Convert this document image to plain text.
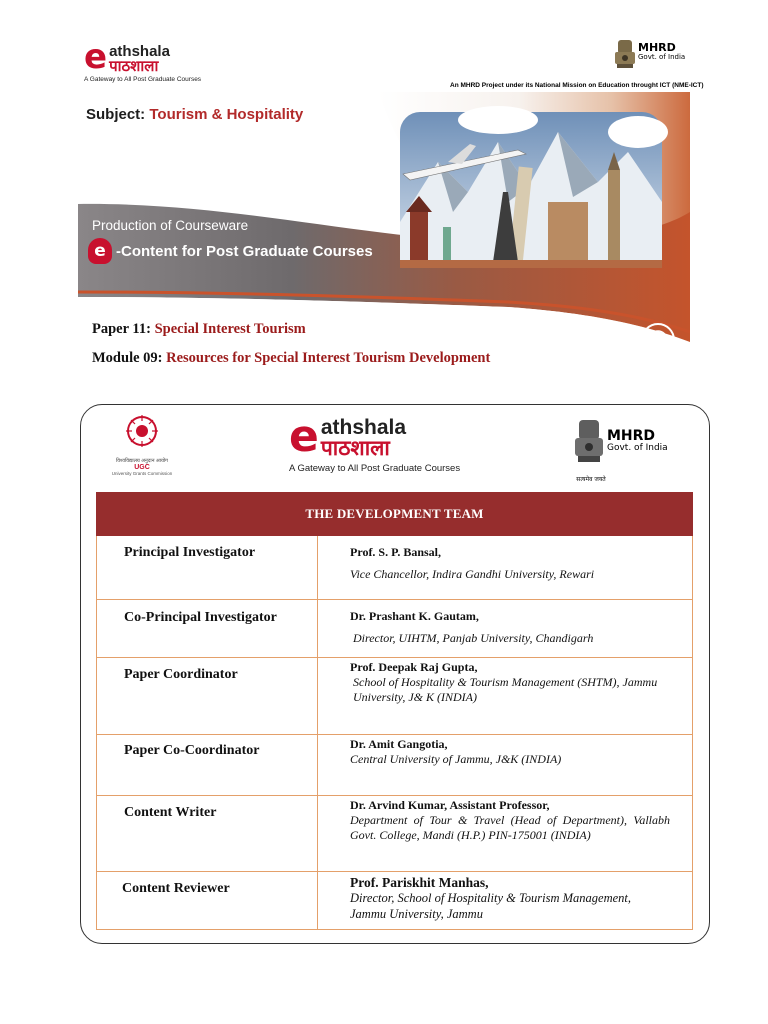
e athshala
पाठशाला
A Gateway to All Post Graduate Courses
MHRD
Govt. of India
An MHRD Project under its National Mission on Education throught ICT (NME-ICT)
Subject: Tourism & Hospitality
Production of Courseware
e -Content for Post Graduate Courses
Paper 11: Special Interest Tourism
Module 09: Resources for Special Interest Tourism Development
ज्ञान विज्ञान विमुक्तये
विश्वविद्यालय अनुदान आयोग
UGC
University Grants Commission
e athshala
पाठशाला
A Gateway to All Post Graduate Courses
MHRD
Govt. of India
सत्यमेव जयते
THE DEVELOPMENT TEAM	
Principal Investigator	Prof. S. P. Bansal,
Vice Chancellor, Indira Gandhi University, Rewari

Co-Principal Investigator	Dr. Prashant K. Gautam,
Director, UIHTM, Panjab University, Chandigarh

Paper Coordinator	Prof. Deepak Raj Gupta,
School of Hospitality & Tourism Management (SHTM), Jammu University, J& K (INDIA)

Paper Co-Coordinator	Dr. Amit Gangotia,
Central University of Jammu, J&K (INDIA)

Content Writer	Dr. Arvind Kumar, Assistant Professor,
Department of Tour & Travel (Head of Department), Vallabh Govt. College, Mandi (H.P.) PIN-175001 (INDIA)

Content Reviewer	Prof. Pariskhit Manhas,
Director, School of Hospitality & Tourism Management, Jammu University, Jammu
